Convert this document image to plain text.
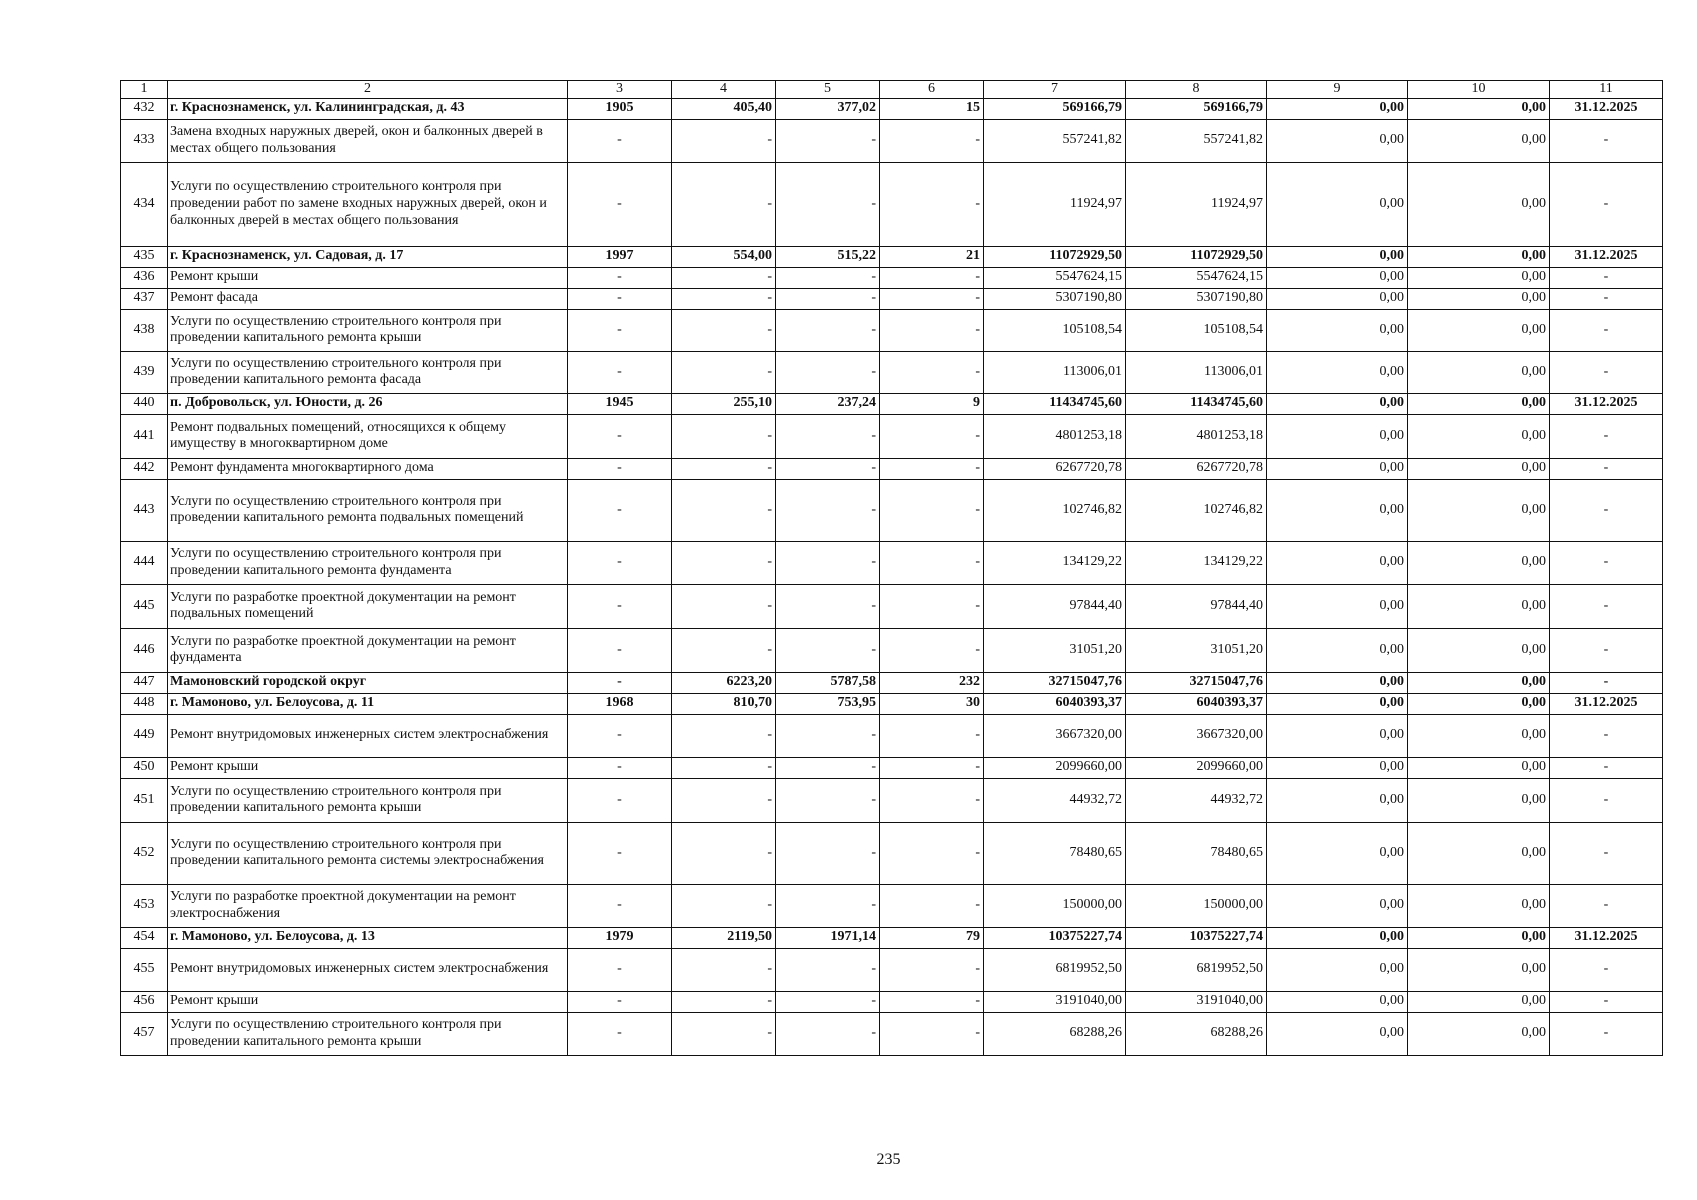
1	2	3	4	5	6	7	8	9	10	11
432	г. Краснознаменск, ул. Калининградская, д. 43	1905	405,40	377,02	15	569166,79	569166,79	0,00	0,00	31.12.2025
433	Замена входных наружных дверей, окон и балконных дверей в местах общего пользования	-	-	-	-	557241,82	557241,82	0,00	0,00	-
434	Услуги по осуществлению строительного контроля при проведении работ по замене входных наружных дверей, окон и балконных дверей в местах общего пользования	-	-	-	-	11924,97	11924,97	0,00	0,00	-
435	г. Краснознаменск, ул. Садовая, д. 17	1997	554,00	515,22	21	11072929,50	11072929,50	0,00	0,00	31.12.2025
436	Ремонт крыши	-	-	-	-	5547624,15	5547624,15	0,00	0,00	-
437	Ремонт фасада	-	-	-	-	5307190,80	5307190,80	0,00	0,00	-
438	Услуги по осуществлению строительного контроля при проведении капитального ремонта крыши	-	-	-	-	105108,54	105108,54	0,00	0,00	-
439	Услуги по осуществлению строительного контроля при проведении капитального ремонта фасада	-	-	-	-	113006,01	113006,01	0,00	0,00	-
440	п. Добровольск, ул. Юности, д. 26	1945	255,10	237,24	9	11434745,60	11434745,60	0,00	0,00	31.12.2025
441	Ремонт подвальных помещений, относящихся к общему имуществу в многоквартирном доме	-	-	-	-	4801253,18	4801253,18	0,00	0,00	-
442	Ремонт фундамента многоквартирного дома	-	-	-	-	6267720,78	6267720,78	0,00	0,00	-
443	Услуги по осуществлению строительного контроля при проведении капитального ремонта подвальных помещений	-	-	-	-	102746,82	102746,82	0,00	0,00	-
444	Услуги по осуществлению строительного контроля при проведении капитального ремонта фундамента	-	-	-	-	134129,22	134129,22	0,00	0,00	-
445	Услуги по разработке проектной документации на ремонт подвальных помещений	-	-	-	-	97844,40	97844,40	0,00	0,00	-
446	Услуги по разработке проектной документации на ремонт фундамента	-	-	-	-	31051,20	31051,20	0,00	0,00	-
447	Мамоновский городской округ	-	6223,20	5787,58	232	32715047,76	32715047,76	0,00	0,00	-
448	г. Мамоново, ул. Белоусова, д. 11	1968	810,70	753,95	30	6040393,37	6040393,37	0,00	0,00	31.12.2025
449	Ремонт внутридомовых инженерных систем электроснабжения	-	-	-	-	3667320,00	3667320,00	0,00	0,00	-
450	Ремонт крыши	-	-	-	-	2099660,00	2099660,00	0,00	0,00	-
451	Услуги по осуществлению строительного контроля при проведении капитального ремонта крыши	-	-	-	-	44932,72	44932,72	0,00	0,00	-
452	Услуги по осуществлению строительного контроля при проведении капитального ремонта системы электроснабжения	-	-	-	-	78480,65	78480,65	0,00	0,00	-
453	Услуги по разработке проектной документации на ремонт электроснабжения	-	-	-	-	150000,00	150000,00	0,00	0,00	-
454	г. Мамоново, ул. Белоусова, д. 13	1979	2119,50	1971,14	79	10375227,74	10375227,74	0,00	0,00	31.12.2025
455	Ремонт внутридомовых инженерных систем электроснабжения	-	-	-	-	6819952,50	6819952,50	0,00	0,00	-
456	Ремонт крыши	-	-	-	-	3191040,00	3191040,00	0,00	0,00	-
457	Услуги по осуществлению строительного контроля при проведении капитального ремонта крыши	-	-	-	-	68288,26	68288,26	0,00	0,00	-
235
